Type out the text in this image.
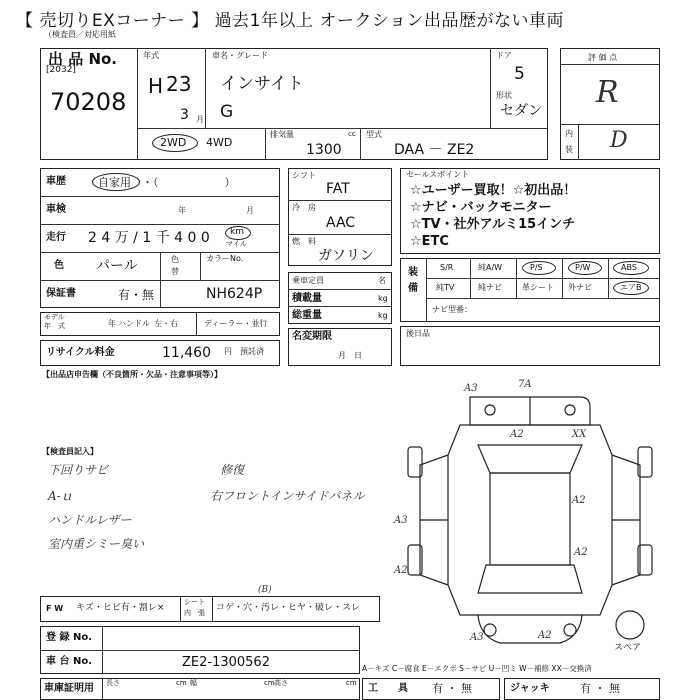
【 売切りEXコーナー 】 過去1年以上 オークション出品歴がない車両
（検査員／対応用紙
出 品 No.
[2032]
70208
年式
H 23
3 月
車名・グレード
インサイト
G
ドア
5
形状
セダン
2WD 4WD
排気量	cc
1300
型式
DAA － ZE2
評 価 点
R
内
装 D
車歴	自家用 ・（　　　　　　）
車検	年	月
走行 2 4 万 / 1 千 4 0 0 km
マイル
色 パール	色
替
カラーNo.
保証書	有・無	NH624P
モデル
年　式	年 ハンドル 左・右	ディーラー・並行
リサイクル料金	11,460 円 預託済
シフト
FAT
冷　房
AAC
燃　料
ガソリン
乗車定員	名
積載量	kg
総重量	kg
名変期限
月　日
セールスポイント
☆ユーザー買取！☆初出品！
☆ナビ・バックモニター
☆TV・社外アルミ15インチ
☆ETC
装
備
S/R	純A/W	P/S	P/W	ABS
純TV	純ナビ	革シート 外ナビ	エアB
ナビ型番：
後日品
【出品店申告欄（不良箇所・欠品・注意事項等）】
【検査員記入】
下回りサビ
A-ｕ
ハンドルレザー
室内重シミー臭い
修復
右フロントインサイドパネル
F W キズ・ヒビ有・割レ×
シート
内　張 コゲ・穴・汚レ・ヒヤ・破レ・スレ
(B)
登 録 No.
車 台 No.	ZE2-1300562
車庫証明用 長さ	cm 幅	cm 高さ	cm
A3	7A
A2	XX
A2
A2
A3
A2
A3	A2
スペア
A－キズ C－腐食 E－エクボ S－サビ U－凹ミ W－補修 XX－交換済
工　　具 有 ・ 無	ジャッキ	有 ・ 無
